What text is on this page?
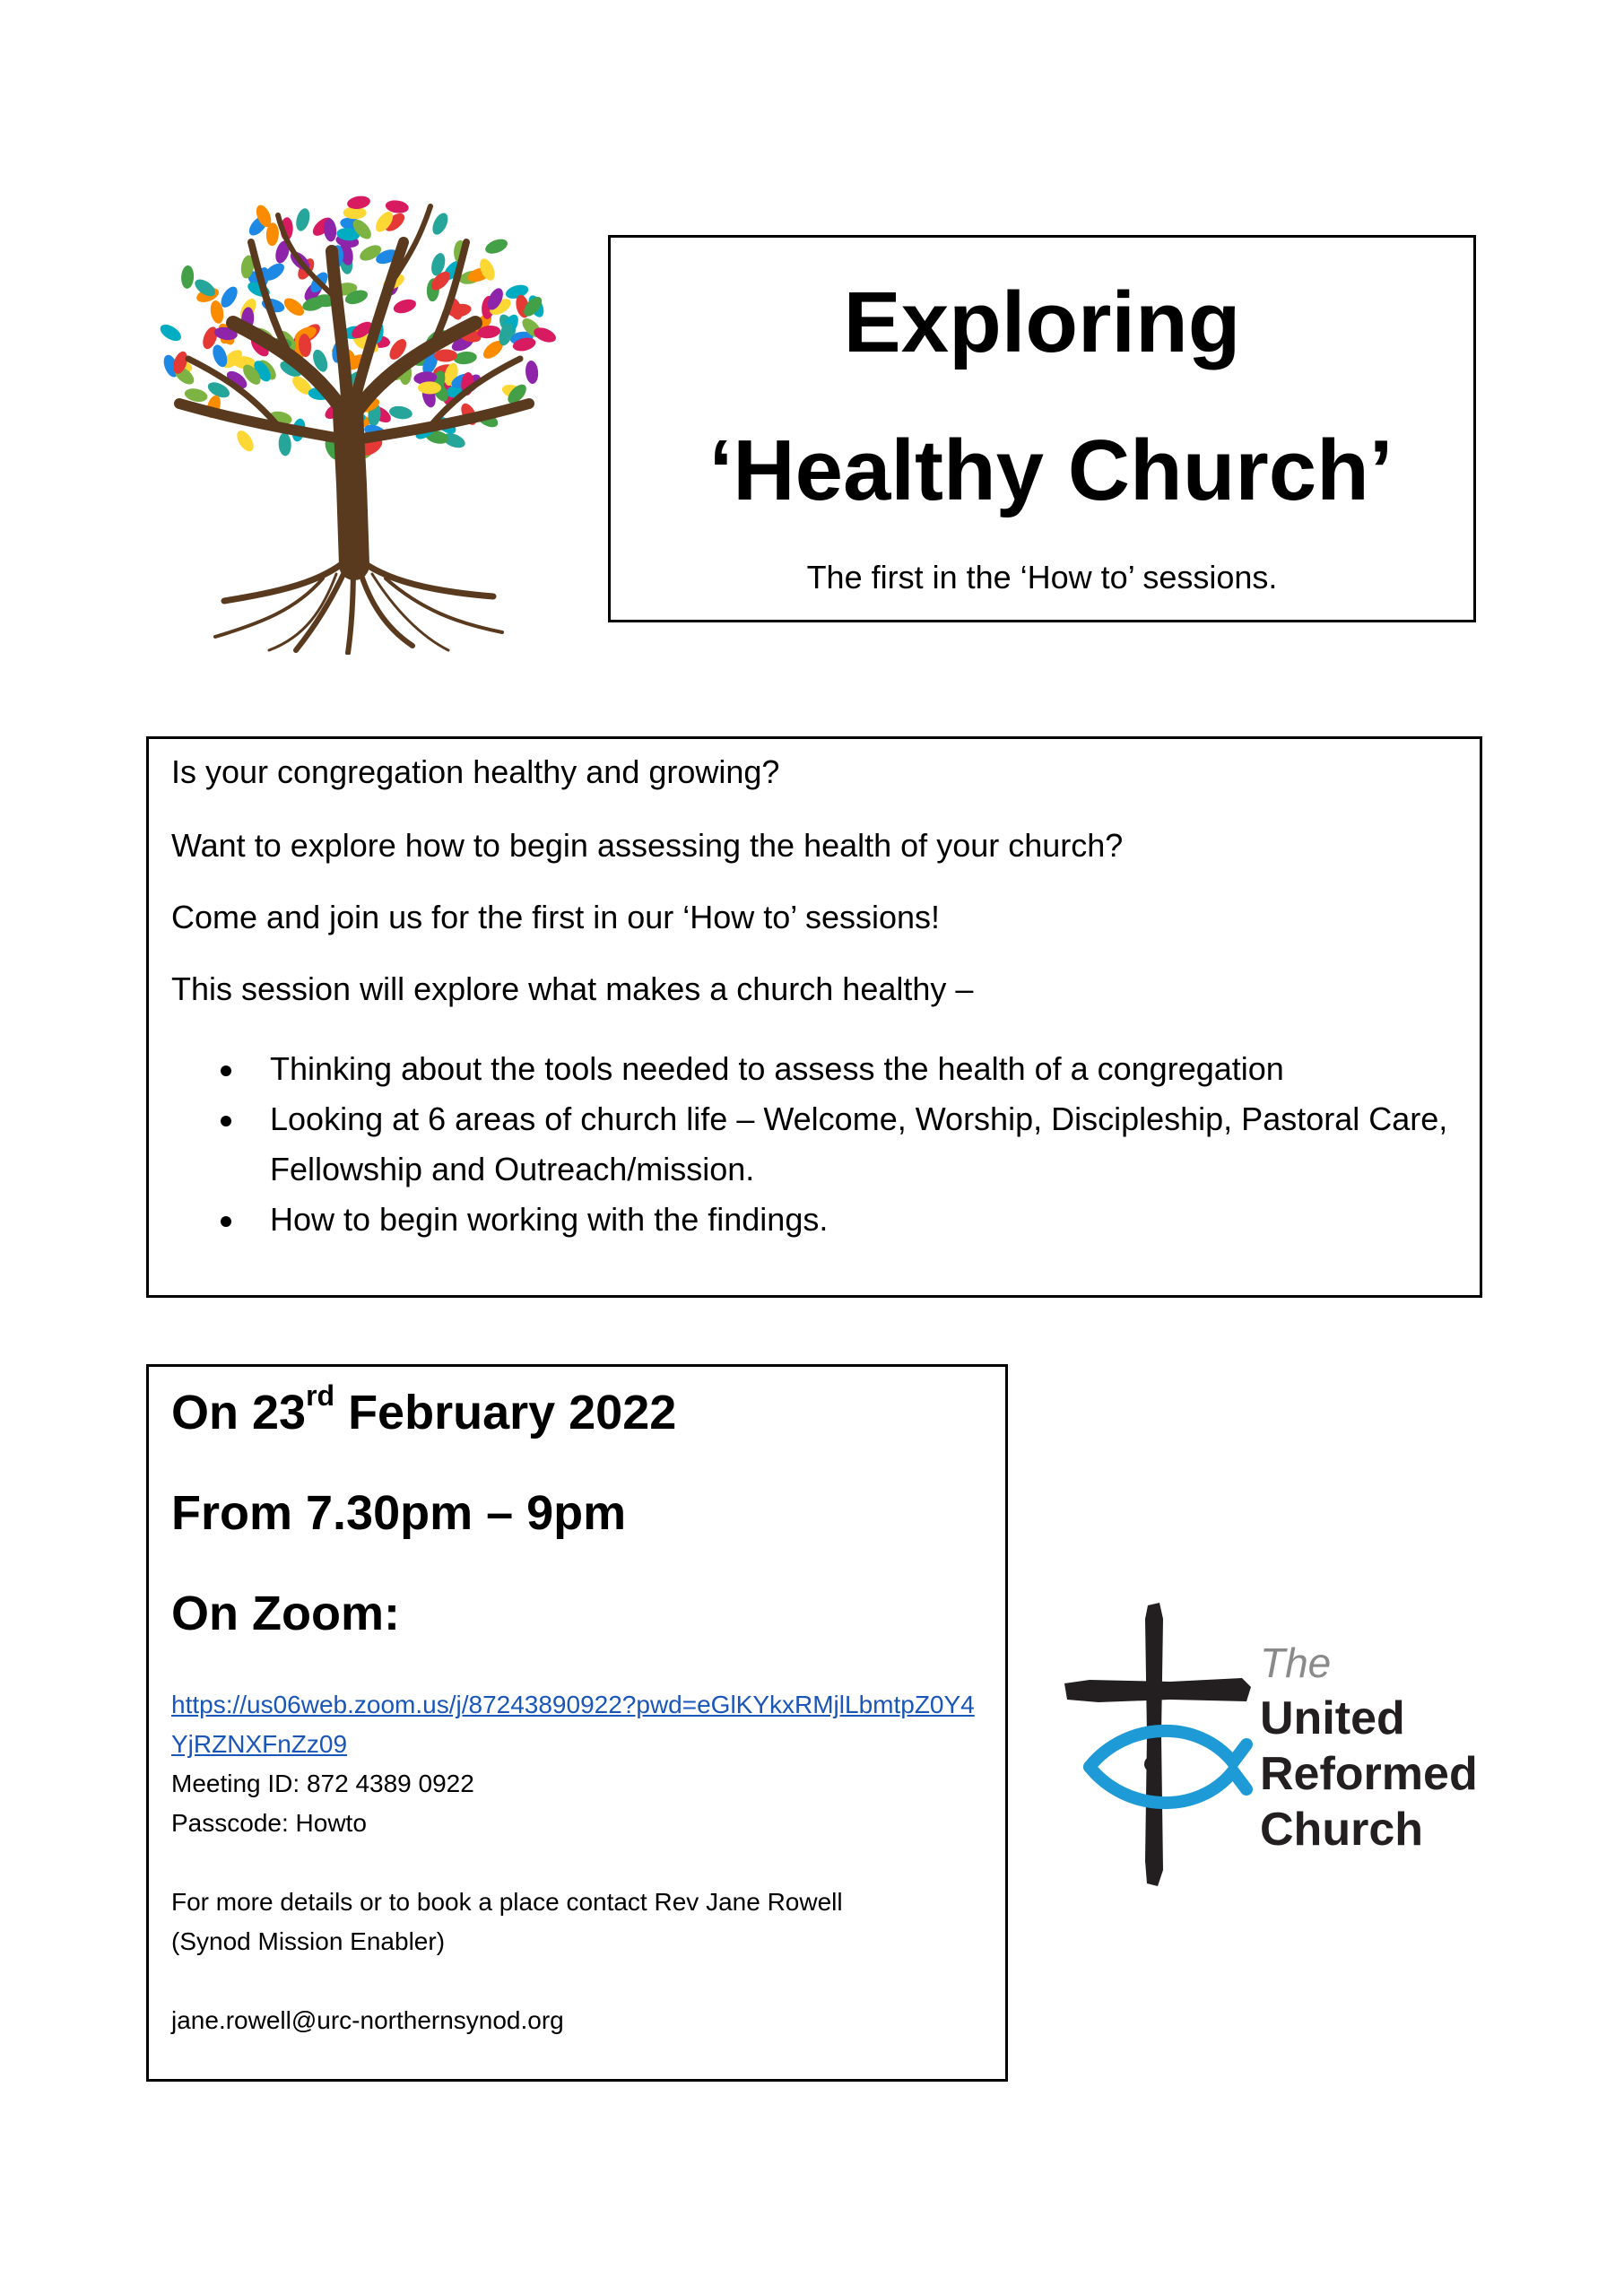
Exploring
‘Healthy Church’
The first in the ‘How to’ sessions.
Is your congregation healthy and growing?
Want to explore how to begin assessing the health of your church?
Come and join us for the first in our ‘How to’ sessions!
This session will explore what makes a church healthy –
Thinking about the tools needed to assess the health of a congregation
Looking at 6 areas of church life – Welcome, Worship, Discipleship, Pastoral Care, Fellowship and Outreach/mission.
How to begin working with the findings.
On 23rd February 2022
From 7.30pm – 9pm
On Zoom:
https://us06web.zoom.us/j/87243890922?pwd=eGlKYkxRMjlLbmtpZ0Y4YjRZNXFnZz09
Meeting ID: 872 4389 0922
Passcode: Howto
For more details or to book a place contact Rev Jane Rowell
(Synod Mission Enabler)
jane.rowell@urc-northernsynod.org
The
United
Reformed
Church
